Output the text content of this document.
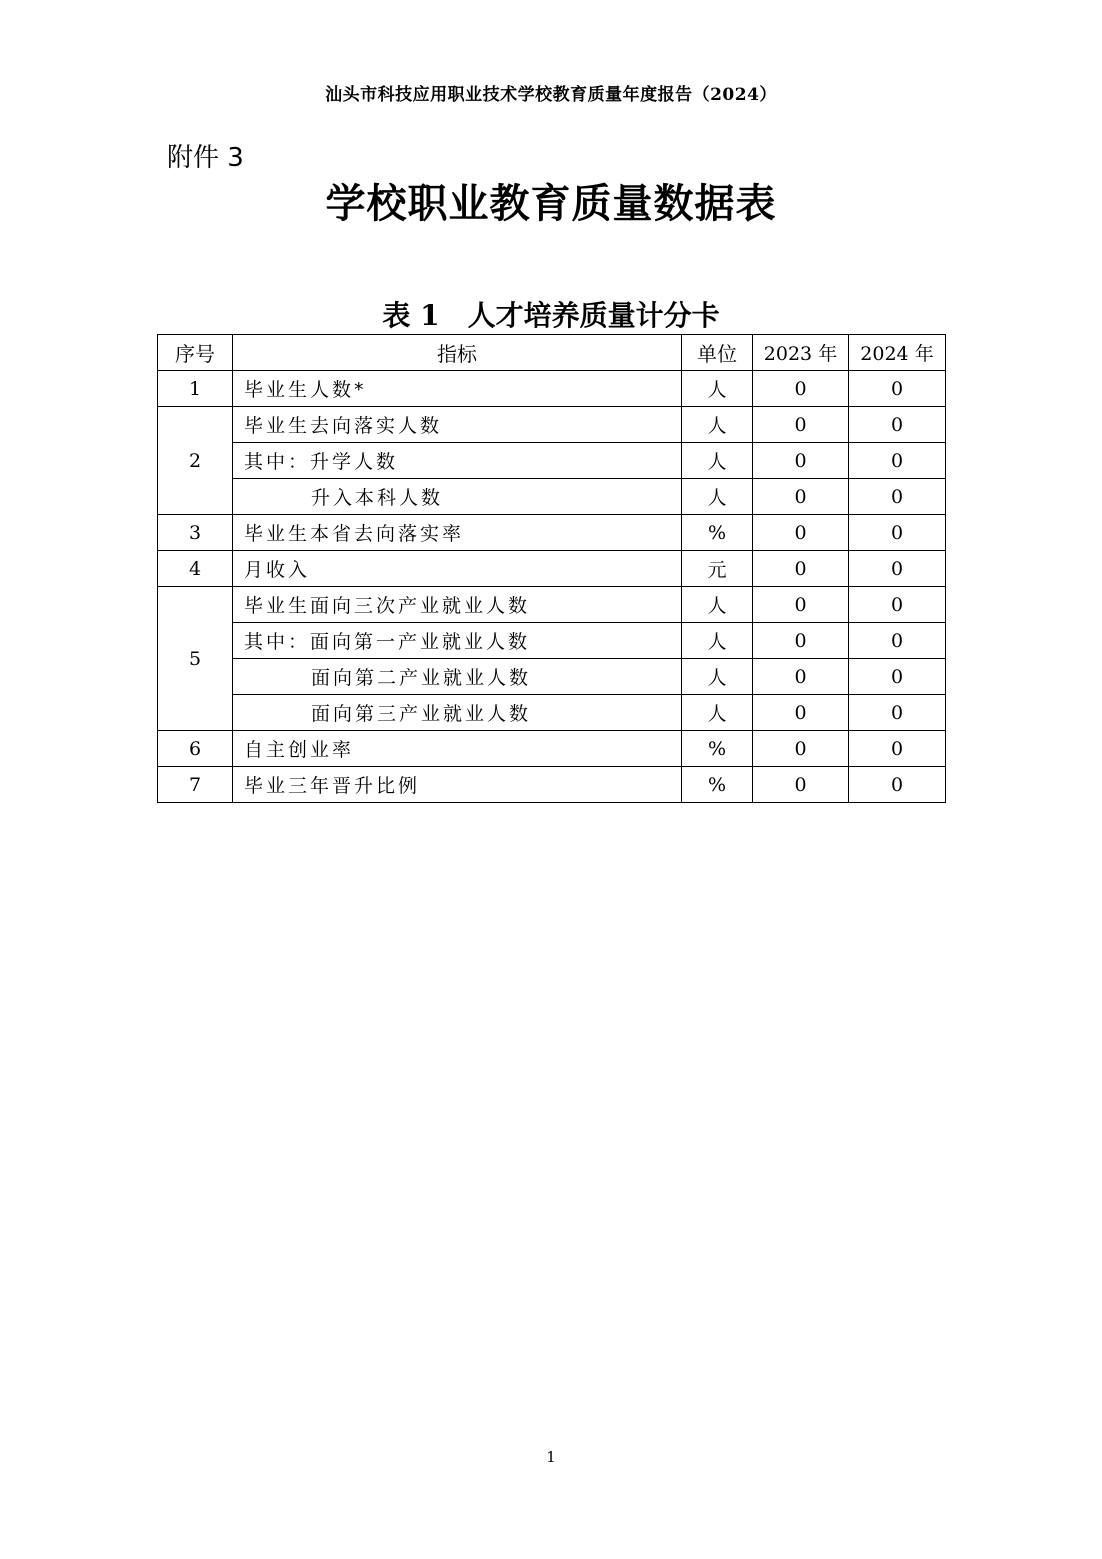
汕头市科技应用职业技术学校教育质量年度报告（2024）
附件 3
学校职业教育质量数据表
表 1　人才培养质量计分卡
序号	指标	单位	2023 年	2024 年
1	毕业生人数*	人	0	0
2	毕业生去向落实人数	人	0	0
	其中：升学人数	人	0	0
	升入本科人数	人	0	0
3	毕业生本省去向落实率	%	0	0
4	月收入	元	0	0
5	毕业生面向三次产业就业人数	人	0	0
	其中：面向第一产业就业人数	人	0	0
	面向第二产业就业人数	人	0	0
	面向第三产业就业人数	人	0	0
6	自主创业率	%	0	0
7	毕业三年晋升比例	%	0	0
1
